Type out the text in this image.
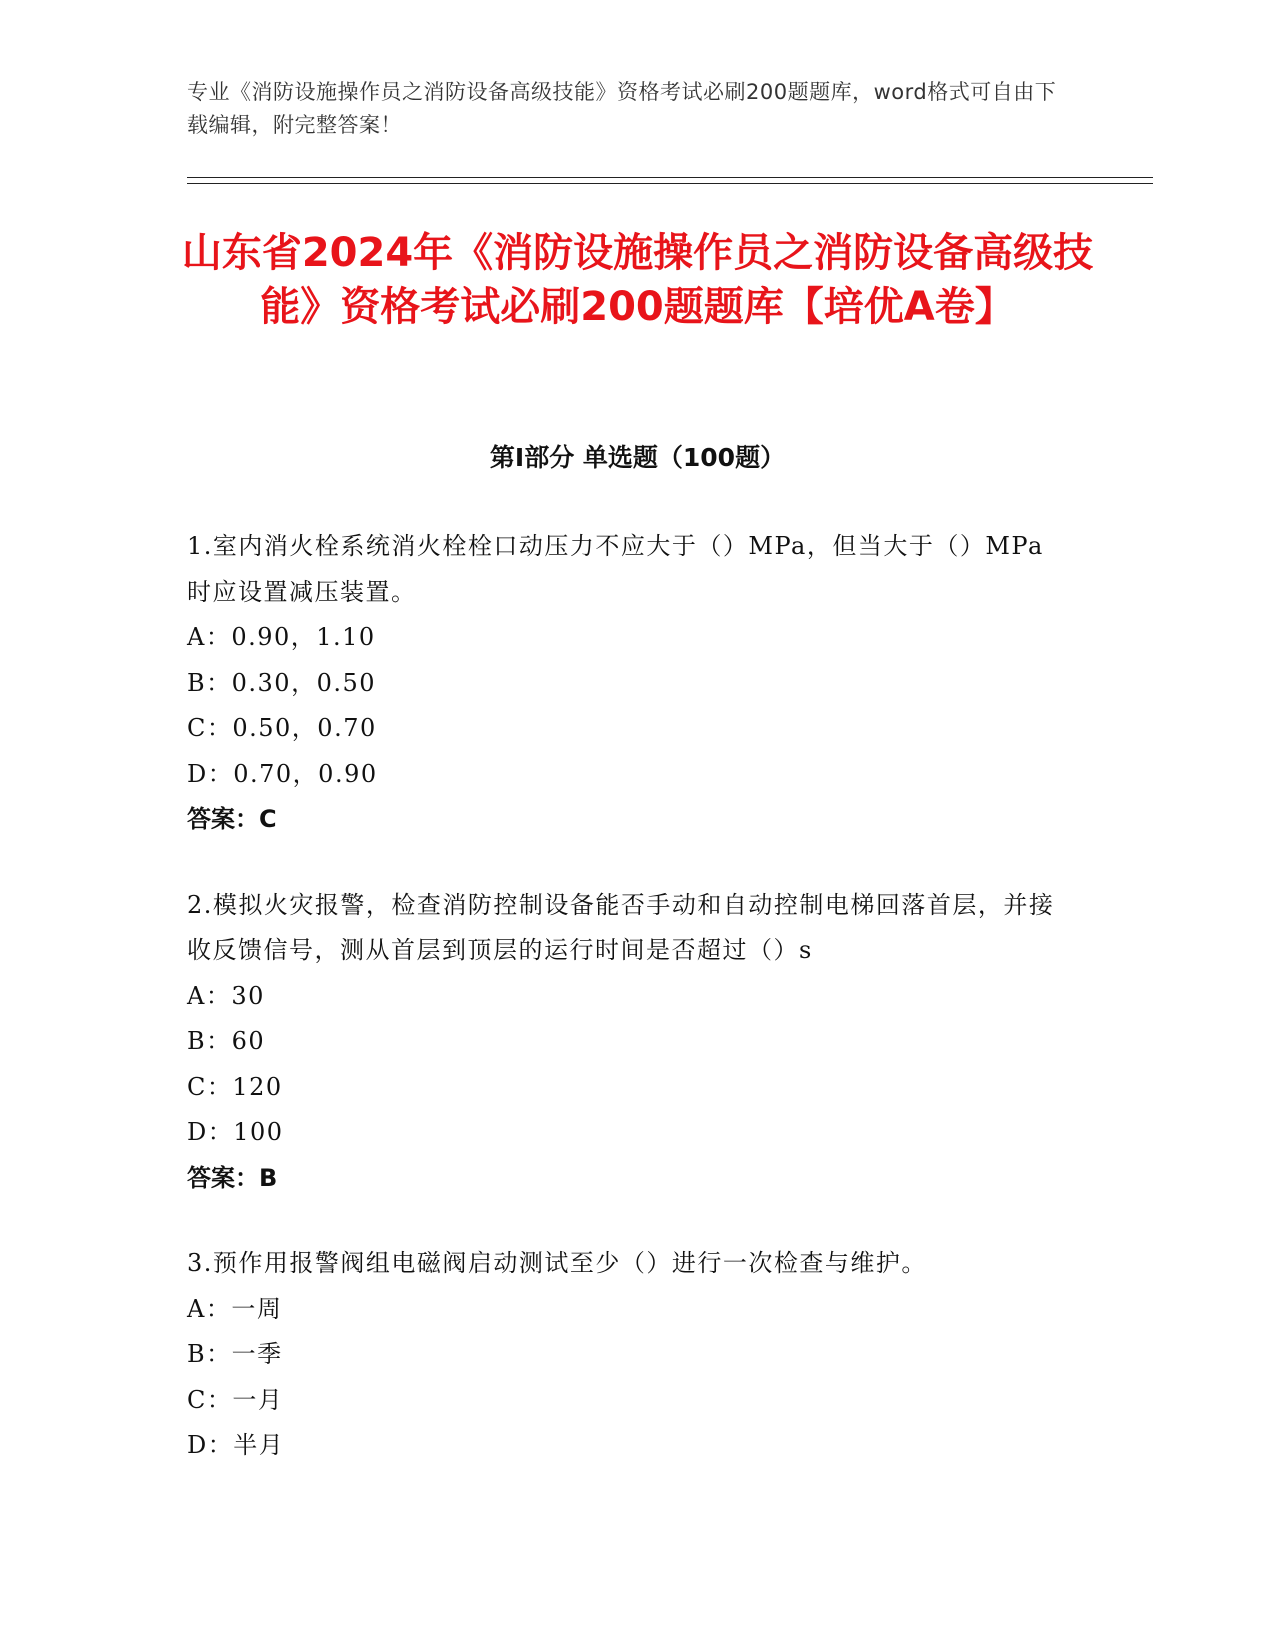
专业《消防设施操作员之消防设备高级技能》资格考试必刷200题题库，word格式可自由下载编辑，附完整答案！
山东省2024年《消防设施操作员之消防设备高级技能》资格考试必刷200题题库【培优A卷】
第Ⅰ部分 单选题（100题）
1.室内消火栓系统消火栓栓口动压力不应大于（）MPa，但当大于（）MPa时应设置减压装置。
A：0.90，1.10
B：0.30，0.50
C：0.50，0.70
D：0.70，0.90
答案：C
2.模拟火灾报警，检查消防控制设备能否手动和自动控制电梯回落首层，并接收反馈信号，测从首层到顶层的运行时间是否超过（）s
A：30
B：60
C：120
D：100
答案：B
3.预作用报警阀组电磁阀启动测试至少（）进行一次检查与维护。
A：一周
B：一季
C：一月
D：半月
